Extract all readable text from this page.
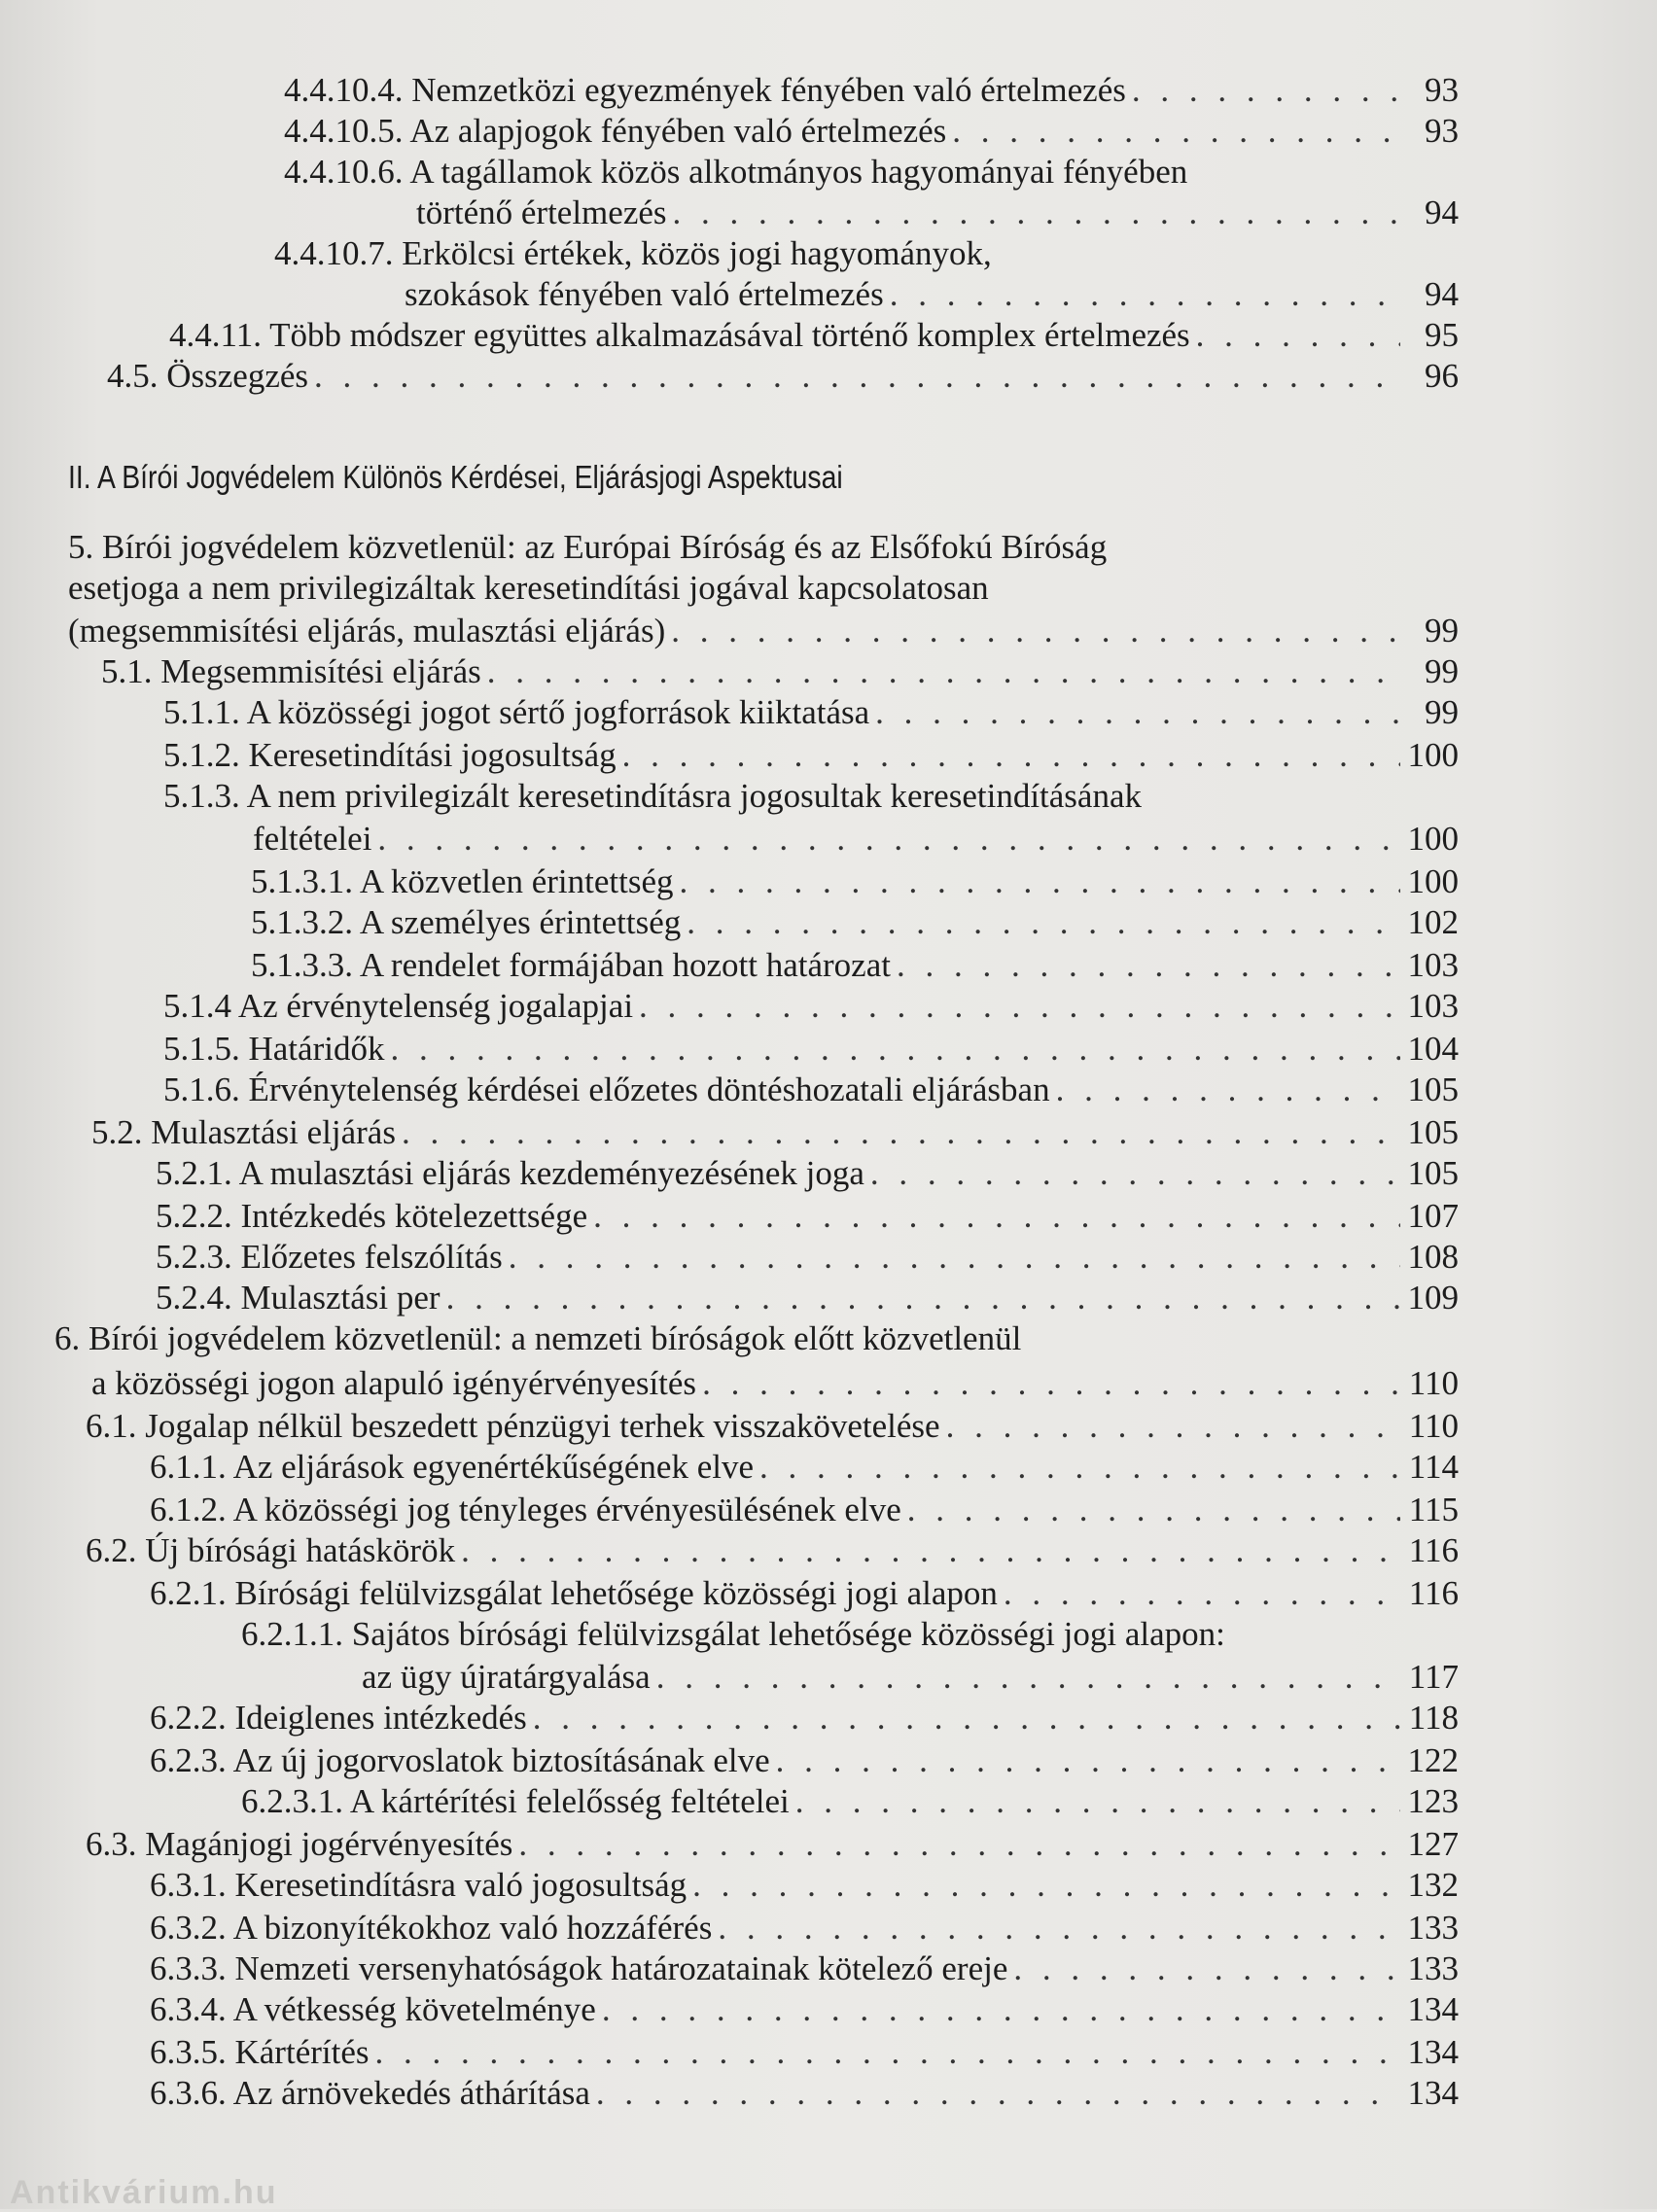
4.4.10.4. Nemzetközi egyezmények fényében való értelmezés . . .	93
4.4.10.5. Az alapjogok fényében való értelmezés . . .	93
4.4.10.6. A tagállamok közös alkotmányos hagyományai fényében
történő értelmezés . . .	94
4.4.10.7. Erkölcsi értékek, közös jogi hagyományok,
szokások fényében való értelmezés . . .	94
4.4.11. Több módszer együttes alkalmazásával történő komplex értelmezés . . .	95
4.5. Összegzés . . .	96
II. A Bírói Jogvédelem Különös Kérdései, Eljárásjogi Aspektusai
5. Bírói jogvédelem közvetlenül: az Európai Bíróság és az Elsőfokú Bíróság
esetjoga a nem privilegizáltak keresetindítási jogával kapcsolatosan
(megsemmisítési eljárás, mulasztási eljárás) . . .	99
5.1. Megsemmisítési eljárás . . .	99
5.1.1. A közösségi jogot sértő jogforrások kiiktatása . . .	99
5.1.2. Keresetindítási jogosultság . . .	100
5.1.3. A nem privilegizált keresetindításra jogosultak keresetindításának
feltételei . . .	100
5.1.3.1. A közvetlen érintettség . . .	100
5.1.3.2. A személyes érintettség . . .	102
5.1.3.3. A rendelet formájában hozott határozat . . .	103
5.1.4 Az érvénytelenség jogalapjai . . .	103
5.1.5. Határidők . . .	104
5.1.6. Érvénytelenség kérdései előzetes döntéshozatali eljárásban . . .	105
5.2. Mulasztási eljárás . . .	105
5.2.1. A mulasztási eljárás kezdeményezésének joga . . .	105
5.2.2. Intézkedés kötelezettsége . . .	107
5.2.3. Előzetes felszólítás . . .	108
5.2.4. Mulasztási per . . .	109
6. Bírói jogvédelem közvetlenül: a nemzeti bíróságok előtt közvetlenül
a közösségi jogon alapuló igényérvényesítés . . .	110
6.1. Jogalap nélkül beszedett pénzügyi terhek visszakövetelése . . .	110
6.1.1. Az eljárások egyenértékűségének elve . . .	114
6.1.2. A közösségi jog tényleges érvényesülésének elve . . .	115
6.2. Új bírósági hatáskörök . . .	116
6.2.1. Bírósági felülvizsgálat lehetősége közösségi jogi alapon . . .	116
6.2.1.1. Sajátos bírósági felülvizsgálat lehetősége közösségi jogi alapon:
az ügy újratárgyalása . . .	117
6.2.2. Ideiglenes intézkedés . . .	118
6.2.3. Az új jogorvoslatok biztosításának elve . . .	122
6.2.3.1. A kártérítési felelősség feltételei . . .	123
6.3. Magánjogi jogérvényesítés . . .	127
6.3.1. Keresetindításra való jogosultság . . .	132
6.3.2. A bizonyítékokhoz való hozzáférés . . .	133
6.3.3. Nemzeti versenyhatóságok határozatainak kötelező ereje . . .	133
6.3.4. A vétkesség követelménye . . .	134
6.3.5. Kártérítés . . .	134
6.3.6. Az árnövekedés áthárítása . . .	134
Antikvárium.hu
